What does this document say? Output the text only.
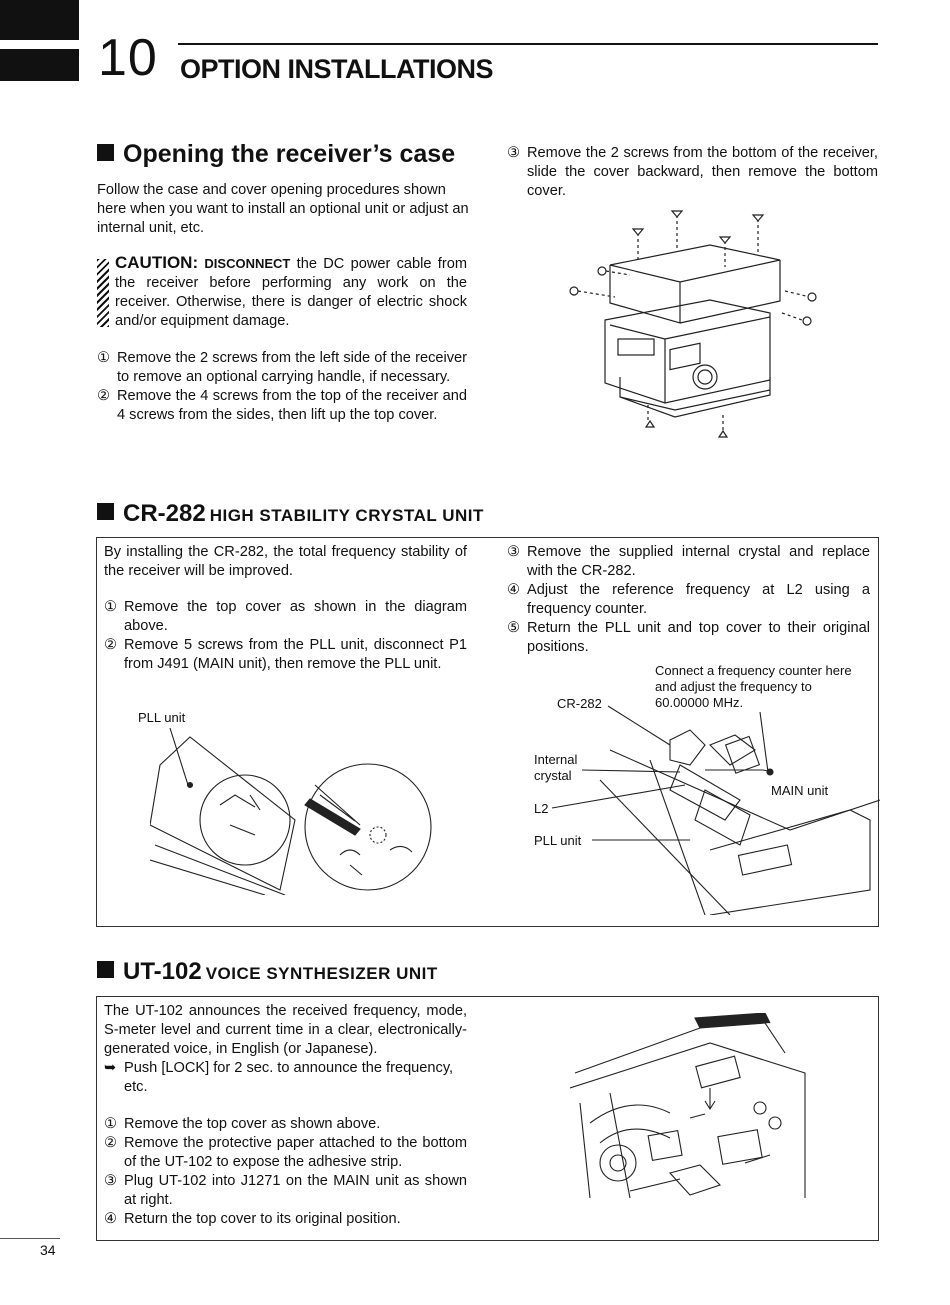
10 OPTION INSTALLATIONS
Opening the receiver’s case

Follow the case and cover opening procedures shown here when you want to install an optional unit or adjust an internal unit, etc.

CAUTION: DISCONNECT the DC power cable from the receiver before performing any work on the receiver. Otherwise, there is danger of electric shock and/or equipment damage.
① Remove the 2 screws from the left side of the receiver to remove an optional carrying handle, if necessary.
② Remove the 4 screws from the top of the receiver and 4 screws from the sides, then lift up the top cover.
③ Remove the 2 screws from the bottom of the receiver, slide the cover backward, then remove the bottom cover.
CR-282 HIGH STABILITY CRYSTAL UNIT

By installing the CR-282, the total frequency stability of the receiver will be improved.

① Remove the top cover as shown in the diagram above.
② Remove 5 screws from the PLL unit, disconnect P1 from J491 (MAIN unit), then remove the PLL unit.
③ Remove the supplied internal crystal and replace with the CR-282.
④ Adjust the reference frequency at L2 using a frequency counter.
⑤ Return the PLL unit and top cover to their original positions.
PLL unit
Connect a frequency counter here and adjust the frequency to 60.00000 MHz.
CR-282
Internal crystal
MAIN unit
L2
PLL unit
UT-102 VOICE SYNTHESIZER UNIT

The UT-102 announces the received frequency, mode, S-meter level and current time in a clear, electronically-generated voice, in English (or Japanese).

➥ Push [LOCK] for 2 sec. to announce the frequency, etc.
① Remove the top cover as shown above.
② Remove the protective paper attached to the bottom of the UT-102 to expose the adhesive strip.
③ Plug UT-102 into J1271 on the MAIN unit as shown at right.
④ Return the top cover to its original position.
34
